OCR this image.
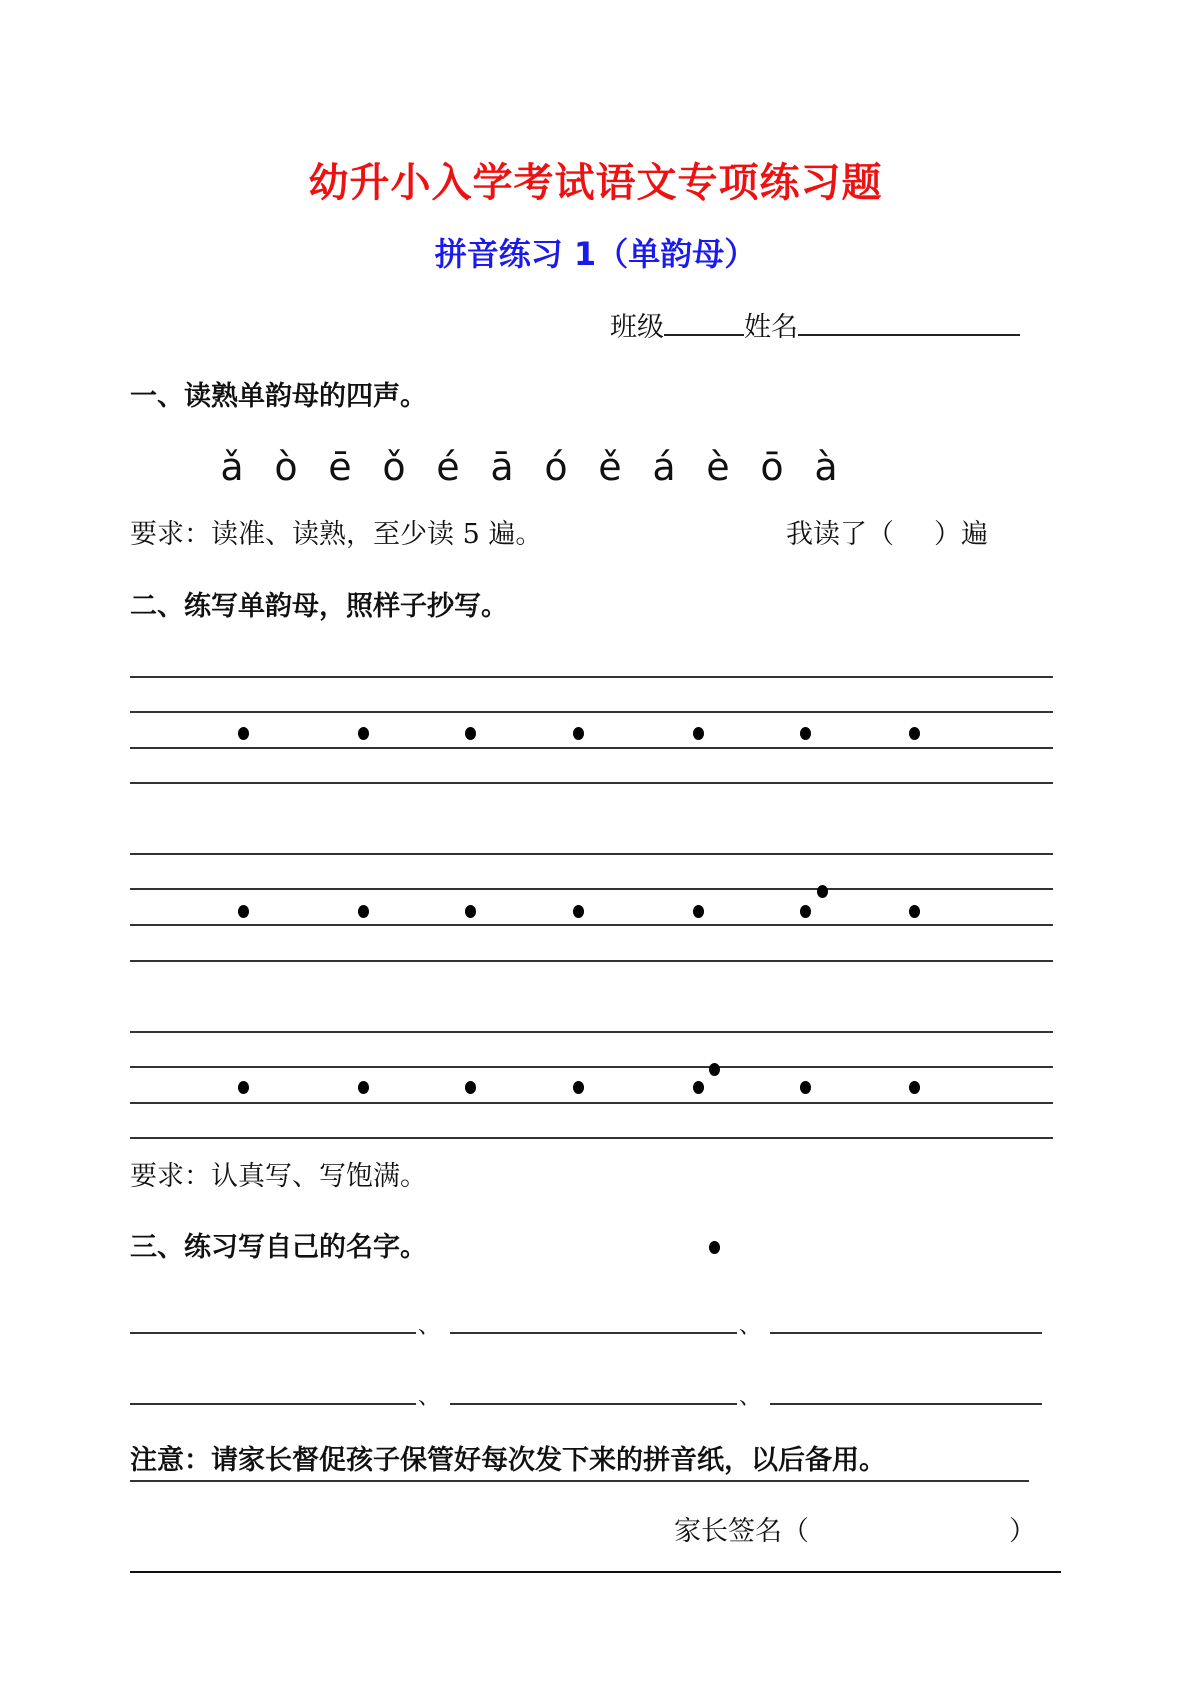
幼升小入学考试语文专项练习题
拼音练习 1（单韵母）
班级	姓名
一、读熟单韵母的四声。
ǎ ò ē ǒ é ā ó ě á è ō à
要求：读准、读熟，至少读 5 遍。	我读了（ ）遍
二、练写单韵母，照样子抄写。
要求：认真写、写饱满。
三、练习写自己的名字。
、	、
、	、
注意：请家长督促孩子保管好每次发下来的拼音纸，以后备用。
家长签名（	）
